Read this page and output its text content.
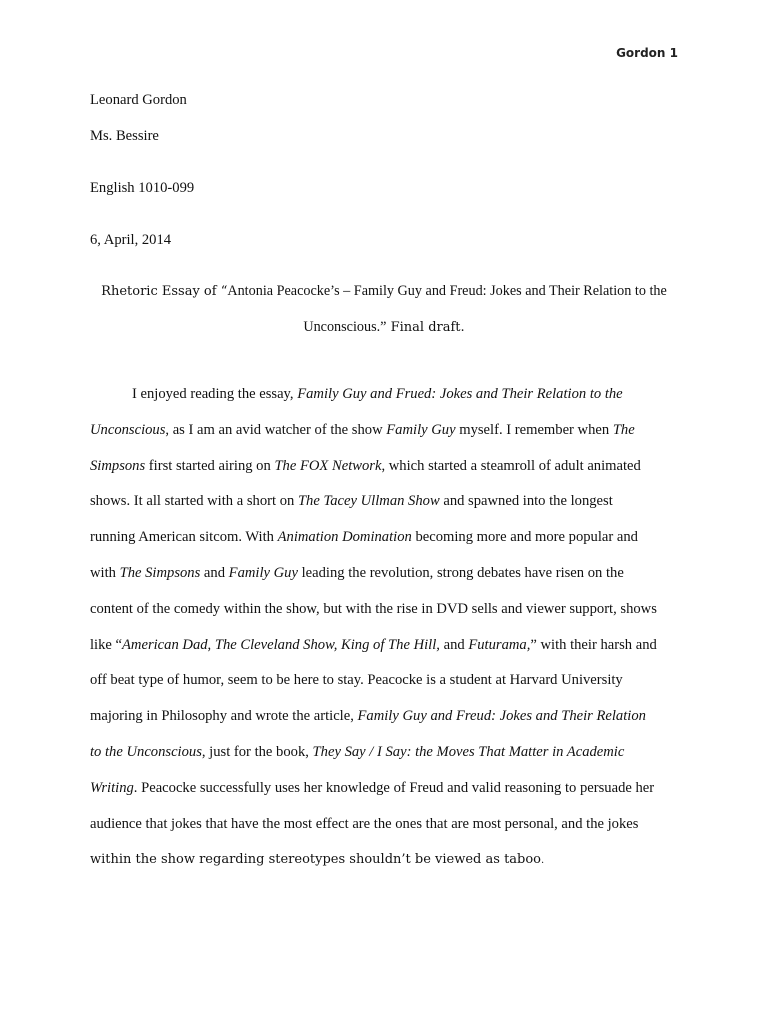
Gordon 1
Leonard Gordon
Ms. Bessire
English 1010-099
6, April, 2014
Rhetoric Essay of “Antonia Peacocke’s – Family Guy and Freud: Jokes and Their Relation to the
Unconscious.” Final draft.
I enjoyed reading the essay, Family Guy and Frued: Jokes and Their Relation to the
Unconscious, as I am an avid watcher of the show Family Guy myself. I remember when The
Simpsons first started airing on The FOX Network, which started a steamroll of adult animated
shows. It all started with a short on The Tacey Ullman Show and spawned into the longest
running American sitcom. With Animation Domination becoming more and more popular and
with The Simpsons and Family Guy leading the revolution, strong debates have risen on the
content of the comedy within the show, but with the rise in DVD sells and viewer support, shows
like “American Dad, The Cleveland Show, King of The Hill, and Futurama,” with their harsh and
off beat type of humor, seem to be here to stay. Peacocke is a student at Harvard University
majoring in Philosophy and wrote the article, Family Guy and Freud: Jokes and Their Relation
to the Unconscious, just for the book, They Say / I Say: the Moves That Matter in Academic
Writing. Peacocke successfully uses her knowledge of Freud and valid reasoning to persuade her
audience that jokes that have the most effect are the ones that are most personal, and the jokes
within the show regarding stereotypes shouldn’t be viewed as taboo.
